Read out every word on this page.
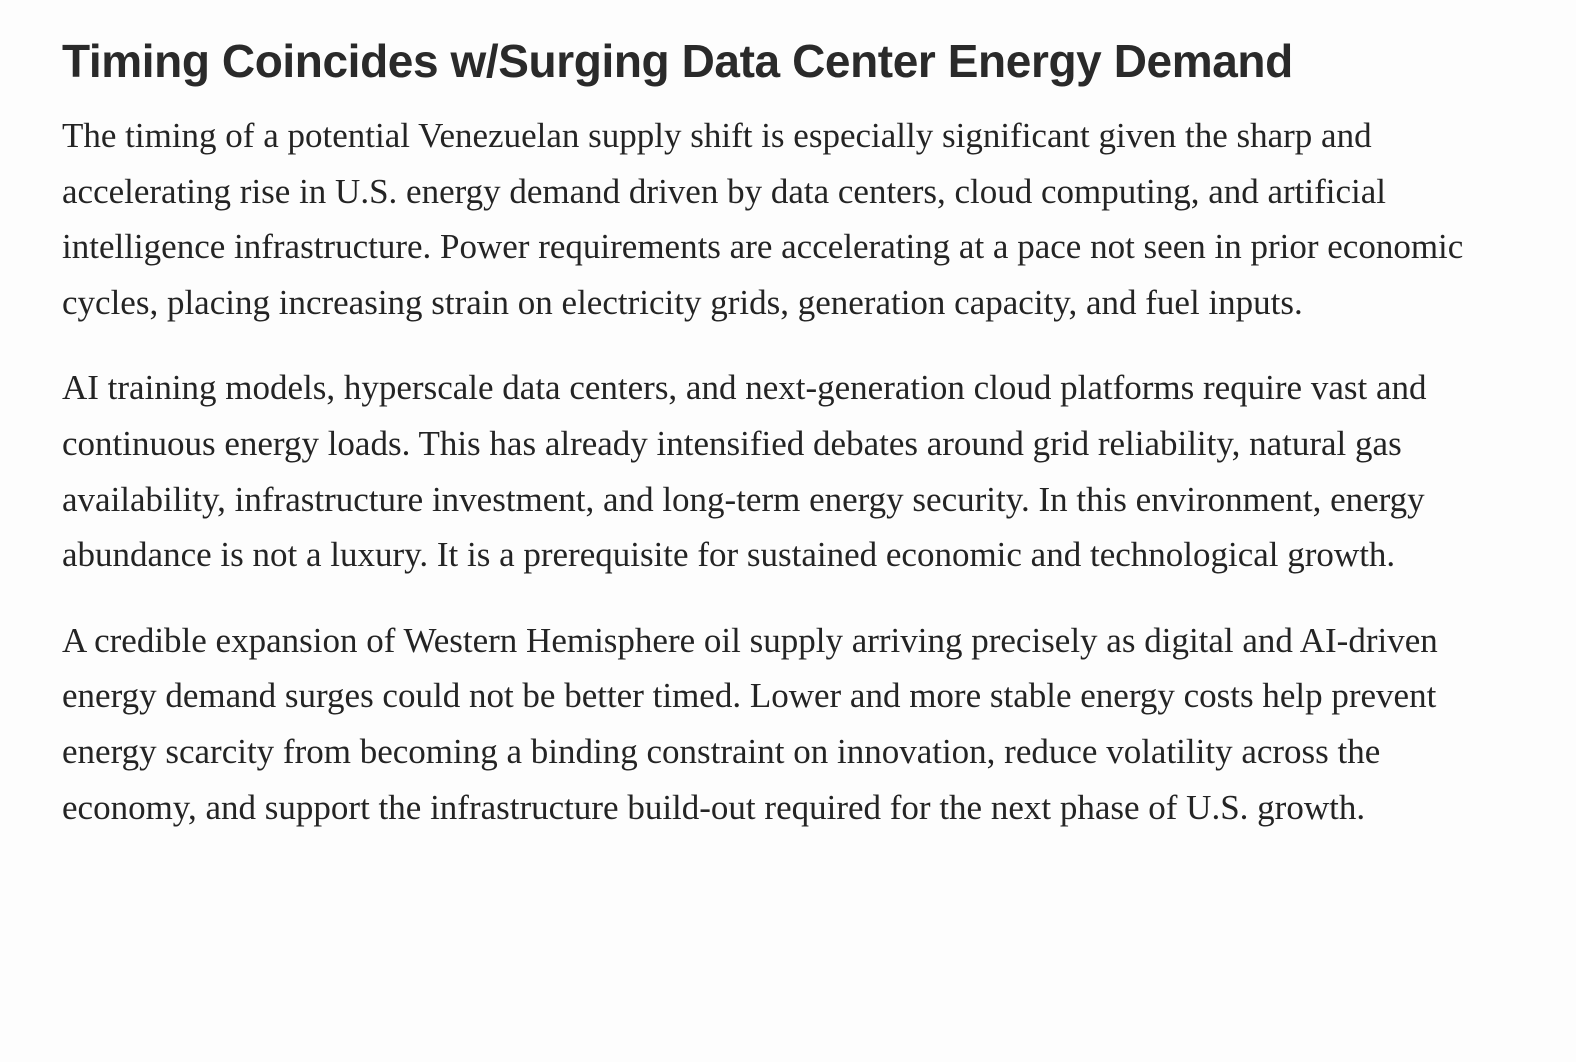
Timing Coincides w/Surging Data Center Energy Demand

The timing of a potential Venezuelan supply shift is especially significant given the sharp and accelerating rise in U.S. energy demand driven by data centers, cloud computing, and artificial intelligence infrastructure. Power requirements are accelerating at a pace not seen in prior economic cycles, placing increasing strain on electricity grids, generation capacity, and fuel inputs.

AI training models, hyperscale data centers, and next-generation cloud platforms require vast and continuous energy loads. This has already intensified debates around grid reliability, natural gas availability, infrastructure investment, and long-term energy security. In this environment, energy abundance is not a luxury. It is a prerequisite for sustained economic and technological growth.

A credible expansion of Western Hemisphere oil supply arriving precisely as digital and AI-driven energy demand surges could not be better timed. Lower and more stable energy costs help prevent energy scarcity from becoming a binding constraint on innovation, reduce volatility across the economy, and support the infrastructure build-out required for the next phase of U.S. growth.
